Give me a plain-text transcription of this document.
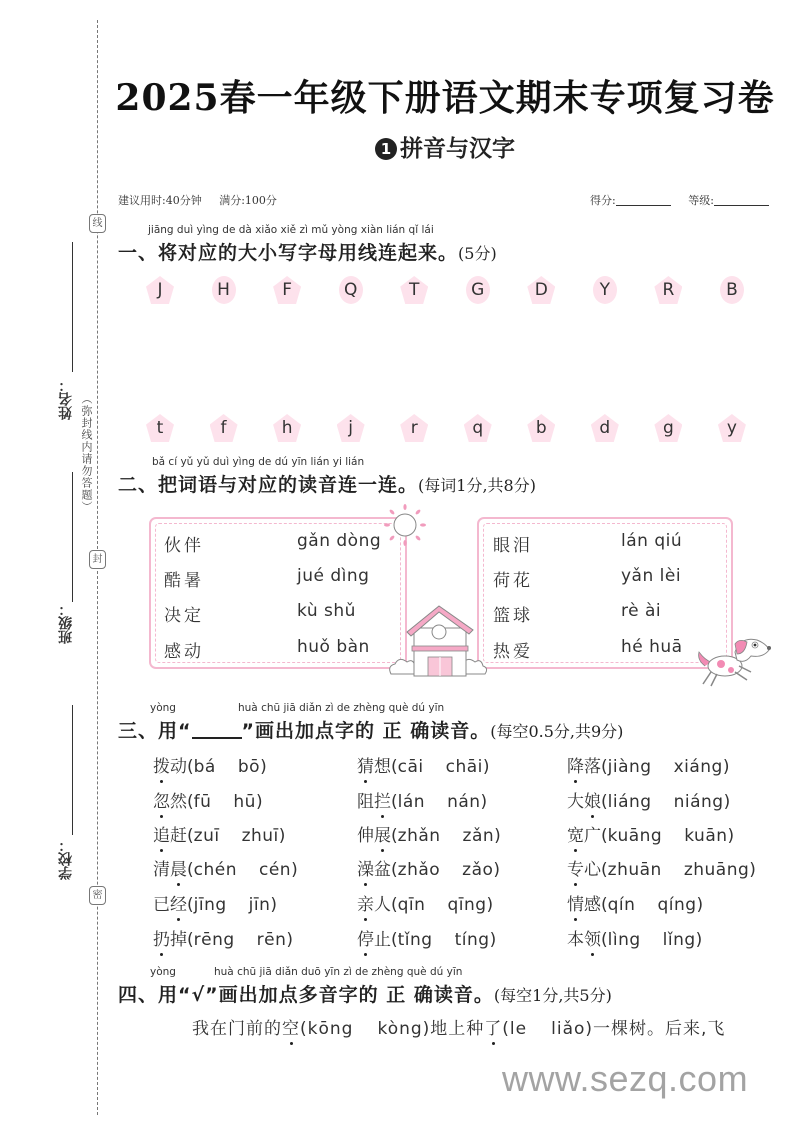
线
封
密
姓名： （弥封线内请勿答题）
班级：
学校：
2025春一年级下册语文期末专项复习卷
1 拼音与汉字
建议用时:40分钟 满分:100分	得分:	等级:
jiāng duì yìng de dà xiǎo xiě zì mǔ yòng xiàn lián qǐ lái
一、将对应的大小写字母用线连起来。(5分)
J	H	F	Q	T	G	D	Y	R	B
t	f	h	j	r	q	b	d	g	y
bǎ cí yǔ yǔ duì yìng de dú yīn lián yi lián
二、把词语与对应的读音连一连。(每词1分,共8分)
伙伴	gǎn dòng
酷暑	jué dìng
决定	kù shǔ
感动	huǒ bàn
眼泪	lán qiú
荷花	yǎn lèi
篮球	rè ài
热爱	hé huā
yòng	huà chū jiā diǎn zì de zhèng què dú yīn
三、用“	”画出加点字的 正 确读音。(每空0.5分,共9分)
拨动(bá bō)	猜想(cāi chāi)	降落(jiàng xiáng)
忽然(fū hū)	阻拦(lán nán)	大娘(liáng niáng)
追赶(zuī zhuī)	伸展(zhǎn zǎn)	宽广(kuāng kuān)
清晨(chén cén)	澡盆(zhǎo zǎo)	专心(zhuān zhuāng)
已经(jīng jīn)	亲人(qīn qīng)	情感(qín qíng)
扔掉(rēng rēn)	停止(tǐng tíng)	本领(lìng lǐng)
yòng	huà chū jiā diǎn duō yīn zì de zhèng què dú yīn
四、用“√”画出加点多音字的 正 确读音。(每空1分,共5分)
我在门前的空(kōng kòng)地上种了(le liǎo)一棵树。后来,飞
www.sezq.com
